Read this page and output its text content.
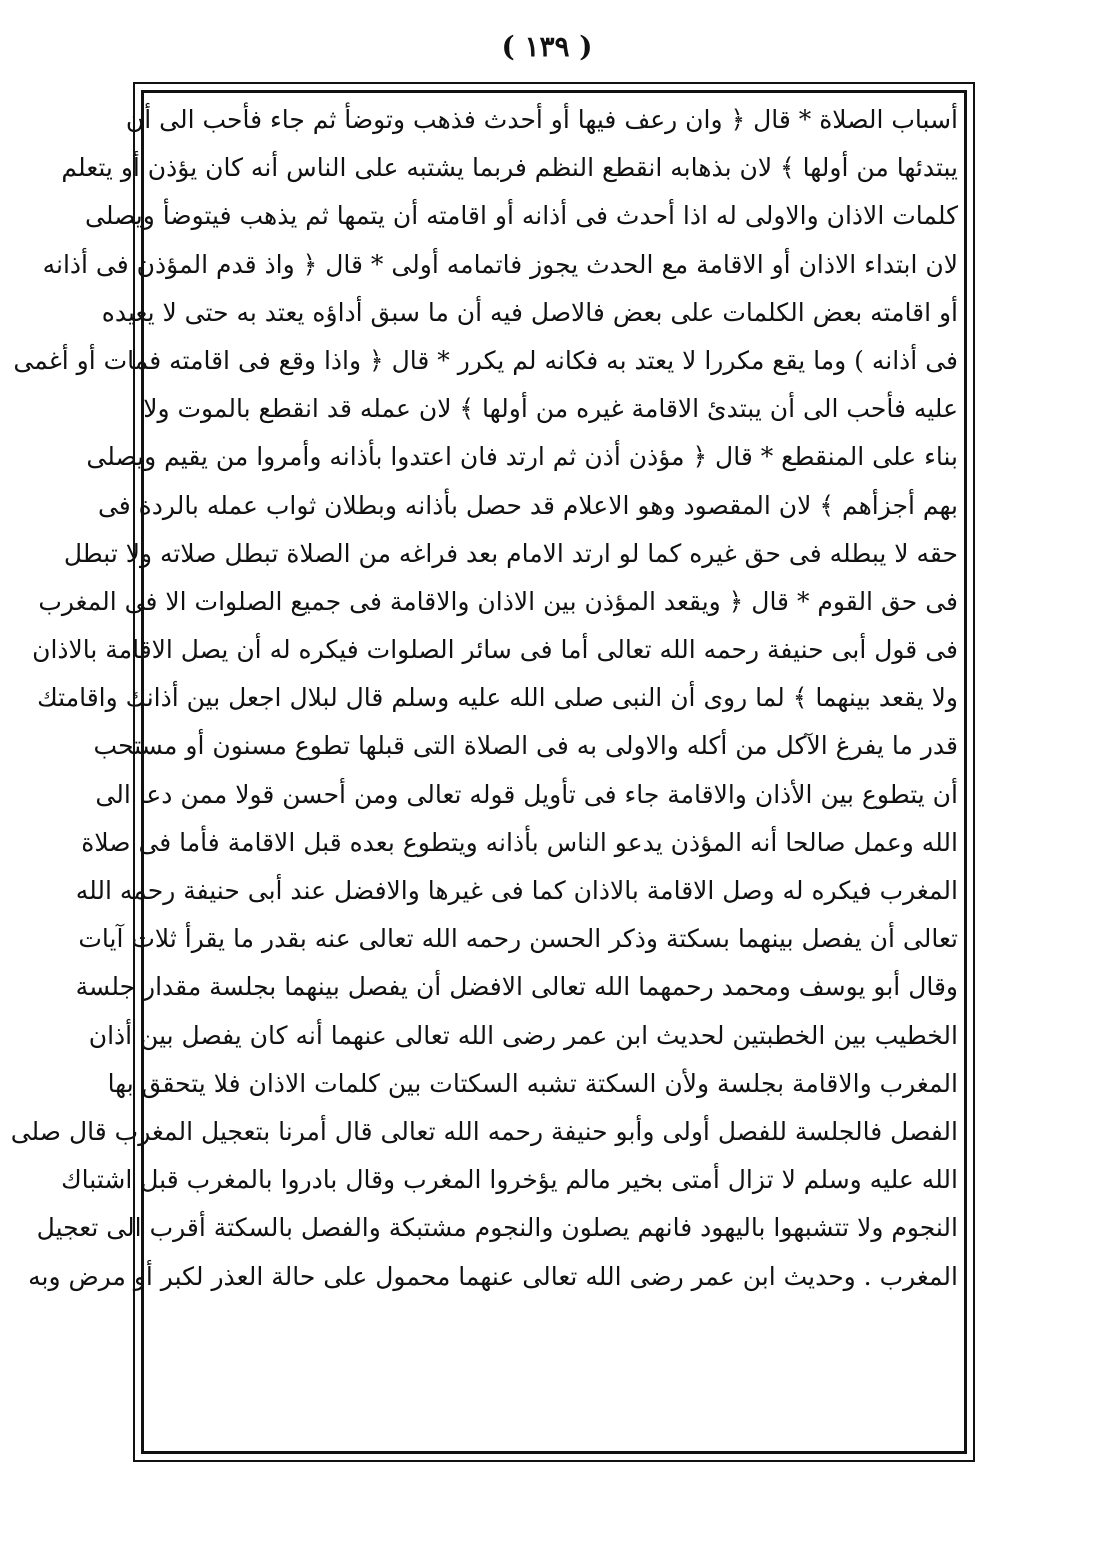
( ١٣٩ )
أسباب الصلاة * قال ﴿ وان رعف فيها أو أحدث فذهب وتوضأ ثم جاء فأحب الى أن
يبتدئها من أولها ﴾ لان بذهابه انقطع النظم فربما يشتبه على الناس أنه كان يؤذن أو يتعلم
كلمات الاذان والاولى له اذا أحدث فى أذانه أو اقامته أن يتمها ثم يذهب فيتوضأ ويصلى
لان ابتداء الاذان أو الاقامة مع الحدث يجوز فاتمامه أولى * قال ﴿ واذ قدم المؤذن فى أذانه
أو اقامته بعض الكلمات على بعض فالاصل فيه أن ما سبق أداؤه يعتد به حتى لا يعيده
فى أذانه ) وما يقع مكررا لا يعتد به فكانه لم يكرر * قال ﴿ واذا وقع فى اقامته فمات أو أغمى
عليه فأحب الى أن يبتدئ الاقامة غيره من أولها ﴾ لان عمله قد انقطع بالموت ولا
بناء على المنقطع * قال ﴿ مؤذن أذن ثم ارتد فان اعتدوا بأذانه وأمروا من يقيم ويصلى
بهم أجزأهم ﴾ لان المقصود وهو الاعلام قد حصل بأذانه وبطلان ثواب عمله بالردة فى
حقه لا يبطله فى حق غيره كما لو ارتد الامام بعد فراغه من الصلاة تبطل صلاته ولا تبطل
فى حق القوم * قال ﴿ ويقعد المؤذن بين الاذان والاقامة فى جميع الصلوات الا فى المغرب
فى قول أبى حنيفة رحمه الله تعالى أما فى سائر الصلوات فيكره له أن يصل الاقامة بالاذان
ولا يقعد بينهما ﴾ لما روى أن النبى صلى الله عليه وسلم قال لبلال اجعل بين أذانك واقامتك
قدر ما يفرغ الآكل من أكله والاولى به فى الصلاة التى قبلها تطوع مسنون أو مستحب
أن يتطوع بين الأذان والاقامة جاء فى تأويل قوله تعالى ومن أحسن قولا ممن دعا الى
الله وعمل صالحا أنه المؤذن يدعو الناس بأذانه ويتطوع بعده قبل الاقامة فأما فى صلاة
المغرب فيكره له وصل الاقامة بالاذان كما فى غيرها والافضل عند أبى حنيفة رحمه الله
تعالى أن يفصل بينهما بسكتة وذكر الحسن رحمه الله تعالى عنه بقدر ما يقرأ ثلاث آيات
وقال أبو يوسف ومحمد رحمهما الله تعالى الافضل أن يفصل بينهما بجلسة مقدار جلسة
الخطيب بين الخطبتين لحديث ابن عمر رضى الله تعالى عنهما أنه كان يفصل بين أذان
المغرب والاقامة بجلسة ولأن السكتة تشبه السكتات بين كلمات الاذان فلا يتحقق بها
الفصل فالجلسة للفصل أولى وأبو حنيفة رحمه الله تعالى قال أمرنا بتعجيل المغرب قال صلى
الله عليه وسلم لا تزال أمتى بخير مالم يؤخروا المغرب وقال بادروا بالمغرب قبل اشتباك
النجوم ولا تتشبهوا باليهود فانهم يصلون والنجوم مشتبكة والفصل بالسكتة أقرب الى تعجيل
المغرب . وحديث ابن عمر رضى الله تعالى عنهما محمول على حالة العذر لكبر أو مرض وبه
